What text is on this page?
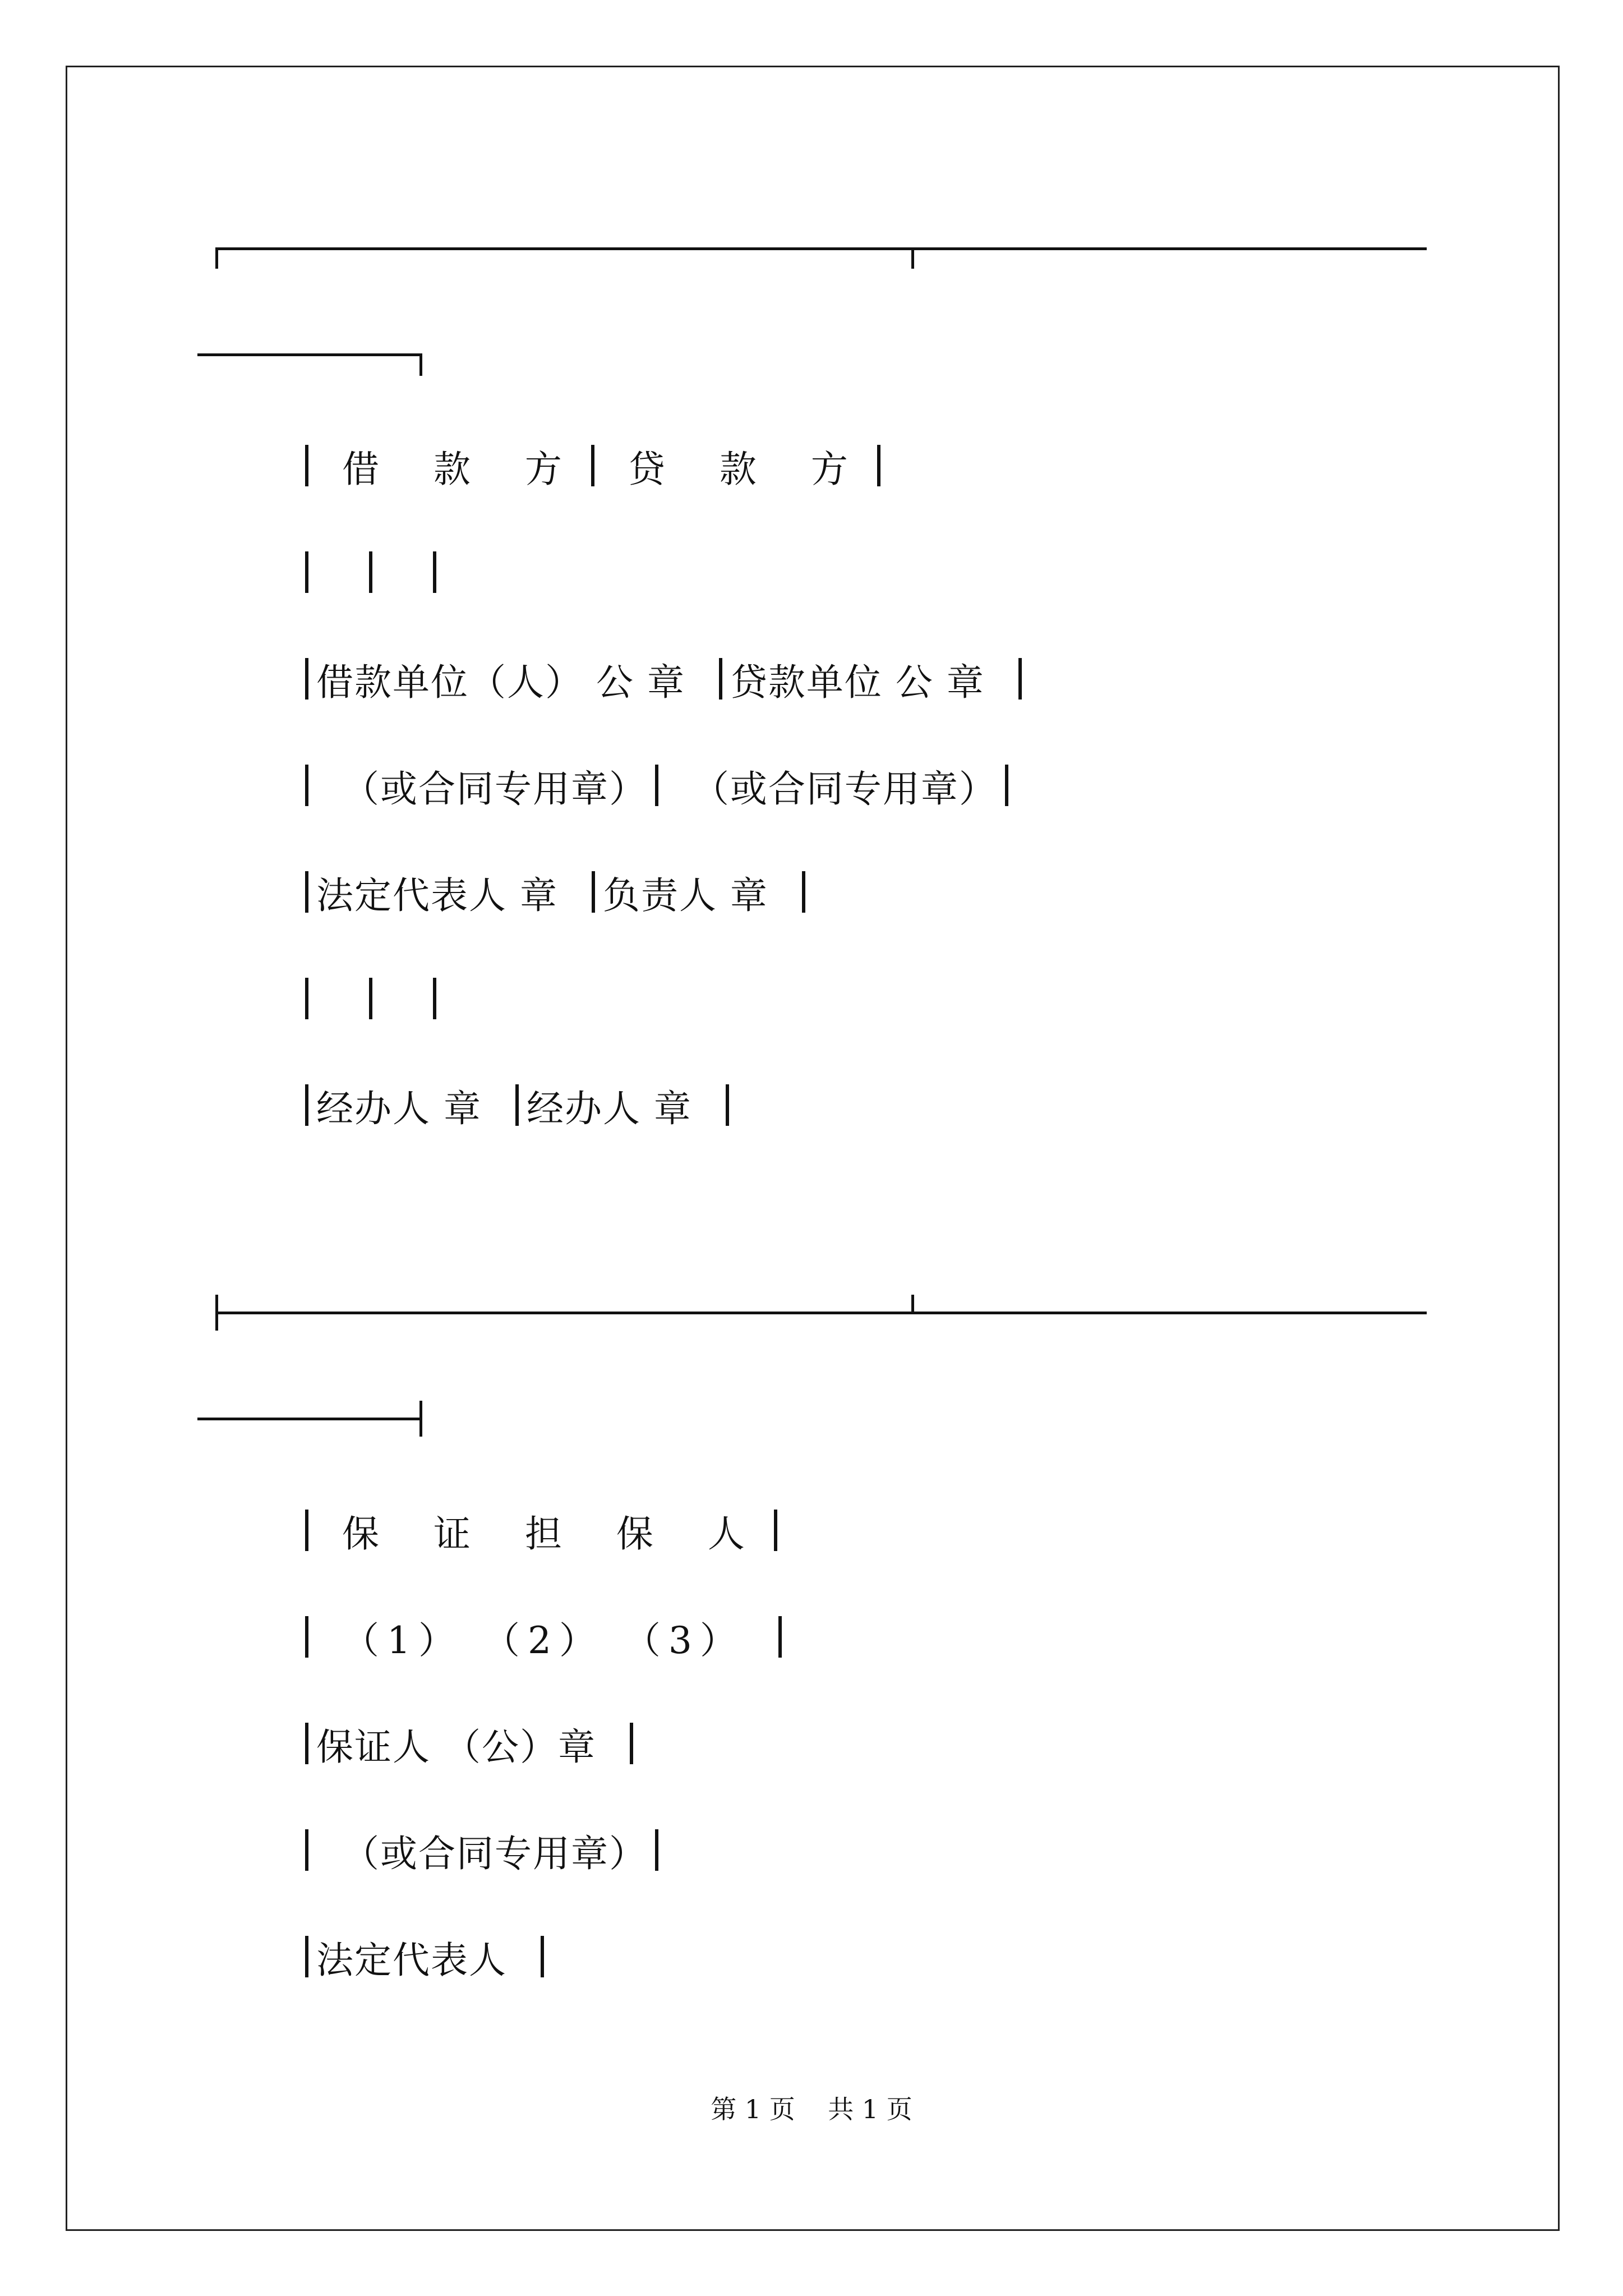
借 款 方
贷 款 方
借款单位（人） 公 章
贷款单位 公 章

（或合同专用章）
（或合同专用章）
法定代表人 章
负责人 章

经办人 章
经办人 章

保 证 担 保 人

（1） （2） （3）

保证人 （公）章

（或合同专用章）
法定代表人

第 1 页    共 1 页
